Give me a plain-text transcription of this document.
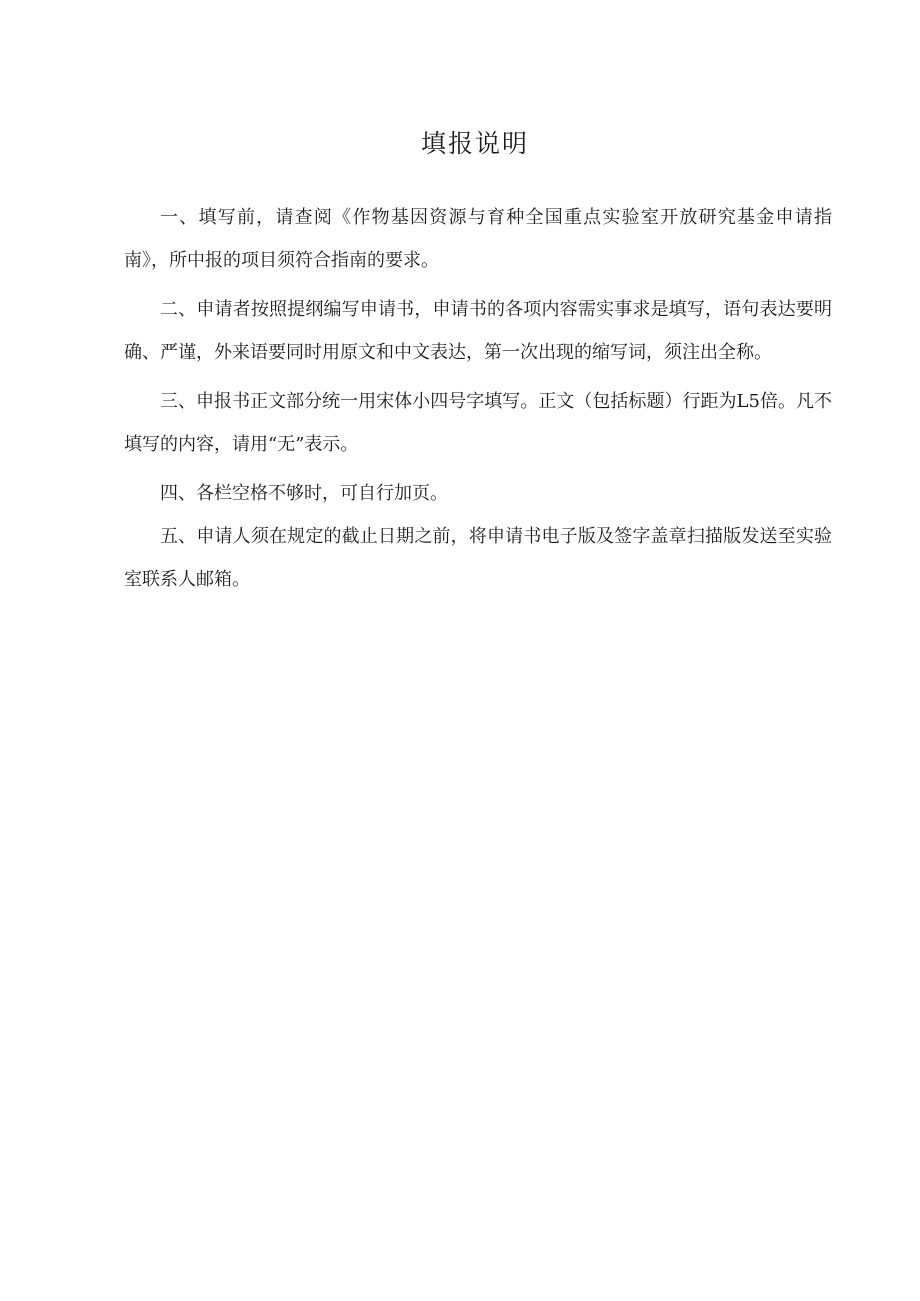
填报说明

一、填写前，请查阅《作物基因资源与育种全国重点实验室开放研究基金申请指南》，所中报的项目须符合指南的要求。

二、申请者按照提纲编写申请书，申请书的各项内容需实事求是填写，语句表达要明确、严谨，外来语要同时用原文和中文表达，第一次出现的缩写词，须注出全称。

三、申报书正文部分统一用宋体小四号字填写。正文（包括标题）行距为L5倍。凡不填写的内容，请用“无”表示。

四、各栏空格不够时，可自行加页。

五、申请人须在规定的截止日期之前，将申请书电子版及签字盖章扫描版发送至实验室联系人邮箱。
